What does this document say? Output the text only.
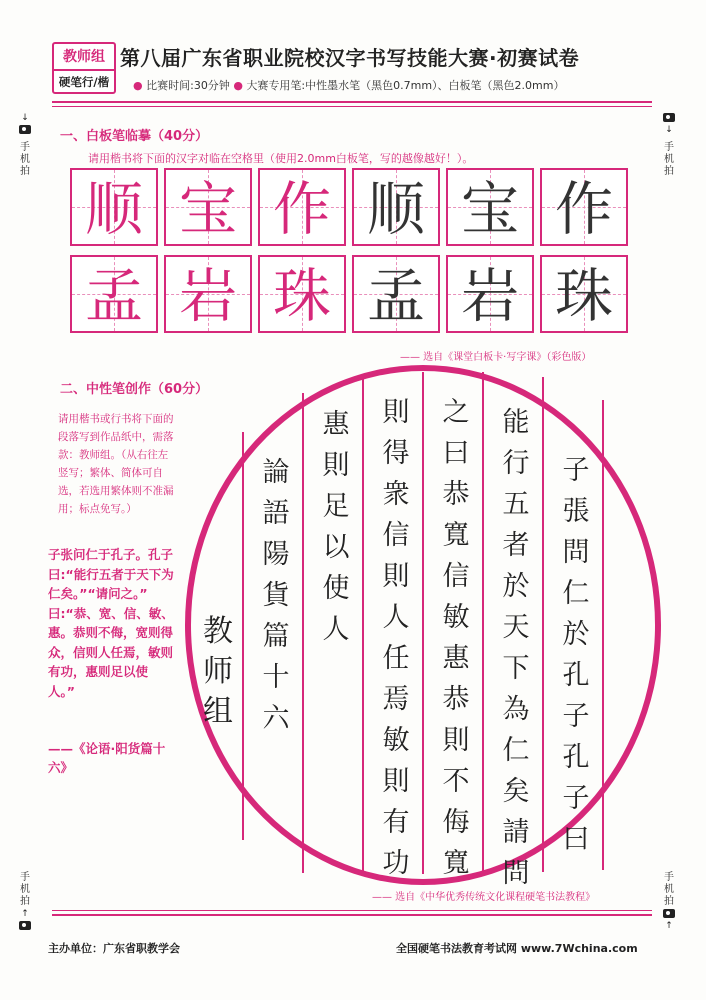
教师组
硬笔行/楷
第八届广东省职业院校汉字书写技能大赛·初赛试卷
● 比赛时间:30分钟 ● 大赛专用笔:中性墨水笔（黑色0.7mm）、白板笔（黑色2.0mm）
↓
手机拍
↓
手机拍
手机拍
↑
手机拍
↑
一、白板笔临摹（40分）
请用楷书将下面的汉字对临在空格里（使用2.0mm白板笔，写的越像越好！）。
顺 宝 作 顺 宝 作
孟 岩 珠 孟 岩 珠
—— 选自《课堂白板卡·写字课》（彩色版）
二、中性笔创作（60分）
请用楷书或行书将下面的段落写到作品纸中，需落款：教师组。（从右往左竖写；繁体、简体可自选，若选用繁体则不准漏用；标点免写。）
子张问仁于孔子。孔子曰:“能行五者于天下为仁矣。”“请问之。” 曰:“恭、宽、信、敏、惠。恭则不侮，宽则得众，信则人任焉，敏则有功，惠则足以使人。”
——《论语·阳货篇十六》
子張問仁於孔子孔子曰
能行五者於天下為仁矣請問
之曰恭寬信敏惠恭則不侮寬
則得衆信則人任焉敏則有功
惠則足以使人
論語陽貨篇十六
教师组
—— 选自《中华优秀传统文化课程硬笔书法教程》
主办单位：广东省职教学会	全国硬笔书法教育考试网 www.7Wchina.com
